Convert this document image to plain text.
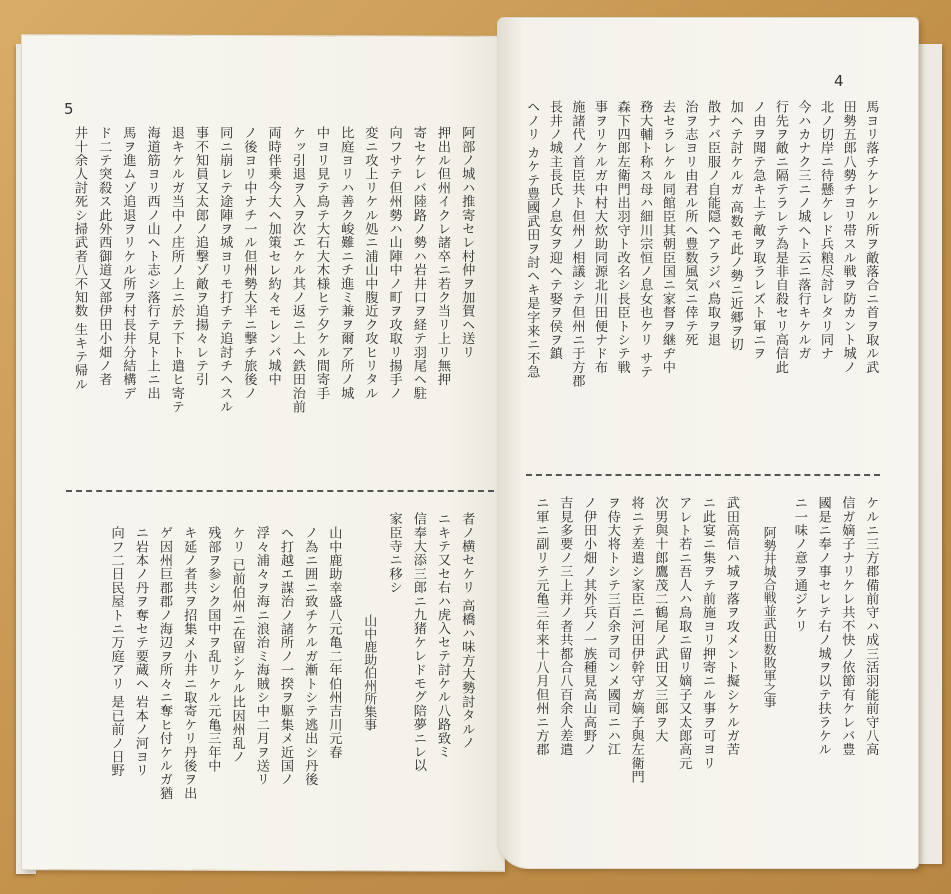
5
阿部ノ城ハ推寄セレ村仲ヲ加賀ヘ送リ
押出ル但州イクレ諸卒ニ若ク当リ上リ無押
寄セケレバ陸路ノ勢ハ岩井口ヲ経テ羽尾ヘ駐
向フサテ但州勢ハ山陣中ノ町ヲ攻取リ揚手ノ
変ニ攻上リケル処ニ浦山中腹近ク攻ヒリタル
比庭ヨリハ善ク峻難ニチ進ミ兼ヲ爾ア所ノ城
中ヨリ見テ鳥テ大石大木様ヒテ夕ケル間寄手
ケッ引退ヲ入ヲ次エケル其ノ返ニ上ヘ鉄田治前
両時伴乗今大ヘ加策セレ約々モレンバ城中
ノ後ヨリ中ナチ一ル但州勢大半ニ撃チ旅後ノ
同ニ崩レテ途陣ヲ城ヨリモ打チテ追討チヘスル
事不知員又太郎ノ追撃ゾ敵ヲ追揚々レテ引
退キケルガ当中ノ庄所ノ上ニ於テ下ト遣ヒ寄テ
海道筋ヨリ西ノ山ヘト志シ落行テ見ト上ニ出
馬ヲ進ムゾ追退ヲリケル所ヲ村長井分結構デ
ド二テ突殺ス此外西御道又部伊田小畑ノ者
井十余人討死シ掃武者八不知数 生キテ帰ル
者ノ横セケリ 高橋ハ味方大勢討タルノ
ニキテ又セ右ハ虎入セテ討ケル八路致ミ
信奉大添三郎ニ九猪ケレドモグ陪夢ニレ以
家臣寺ニ移シ
山中鹿助伯州所集事
山中鹿助幸盛八元亀二年伯州吉川元春
ノ為ニ囲ニ致チケルガ漸トシテ逃出シ丹後
ヘ打越エ謀治ノ諸所ノ一揆ヲ駆集メ近国ノ
浮々浦々ヲ海ニ浪治ミ海賊シ中二月ヲ送リ
ケリ 已前伯州ニ在留シケル比因州乱ノ
残部ヲ参シク国中ヲ乱リケル元亀三年中
キ延ノ者共ヲ招集メ小井ニ取寄ケリ丹後ヲ出
ゲ因州巨郡郡ノ海辺ヲ所々ニ奪ヒ付ケルガ猶
ニ岩本ノ丹ヲ奪セテ要蔵ヘ 岩本ノ河ヨリ
向フ二日民屋トニ万庭アリ 是已前ノ日野
4
馬ヨリ落チケレケル所ヲ敵落合ニ首ヲ取ル武
田勢五郎八勢チヨリ帯スル戦ヲ防カント城ノ
北ノ切岸ニ待懸ケレド兵粮尽討レタリ同ナ
今ハカナク三ニノ城ヘト云ニ落行キケルガ
行先ヲ敵ニ隔テラレテ為是非自殺セリ高信此
ノ由ヲ聞テ急キ上テ敵ヲ取ラレズト軍ニヲ
加ヘテ討ケルガ 高数モ此ノ勢ニ近郷ヲ切
散ナバ臣服ノ自能隠ヘアラジバ鳥取ヲ退
治ヲ志ヨリ由君ル所ヘ豊数風気ニ倖テ死
去セラレケル同館臣其朝臣国ニ家督ヲ継ヂ中
務大輔ト称ス母ハ細川宗恒ノ息女也ケリ サテ
森下四郎左衛門出羽守ト改名シ長臣トシテ戦
事ヲリケルガ中村大炊助同源北川田便ナド布
施諸代ノ首臣共ト但州ノ相議シテ但州ニ于方郡
長井ノ城主長氏ノ息女ヲ迎ヘテ娶ヲ侯ヲ鎮
ヘノリ カケテ豊國武田ヲ討ヘキ是字来ニ不急
ケルニ三方郡備前守ハ成三活羽能前守八高
信ガ嫡子ナリケレ共不快ノ依節有ケレバ豊
國是ニ奉ノ事セレテ右ノ城ヲ以テ扶ラケル
ニ一味ノ意ヲ通ジケリ
阿勢井城合戦並武田数敗軍之事
武田高信ハ城ヲ落ヲ攻メント擬シケルガ苦
ニ此宴ニ集ヲテ前施ヨリ押寄ニル事ヲ可ヨリ
アレト若ニ吾人ハ鳥取ニ留リ嫡子又太郎高元
次男與十郎鷹茂二鶴尾ノ武田又三郎ヲ大
将ニテ差遣シ家臣ニ河田伊幹守ガ嫡子與左衛門
ヲ侍大将トシテ三百余ヲ司ンメ國司ニハ江
ノ伊田小畑ノ其外兵ノ一族種見高山高野ノ
吉見多要ノ三上并ノ者共都合八百余人差遣
ニ軍ニ副リテ元亀三年来十八月但州ニ方郡
